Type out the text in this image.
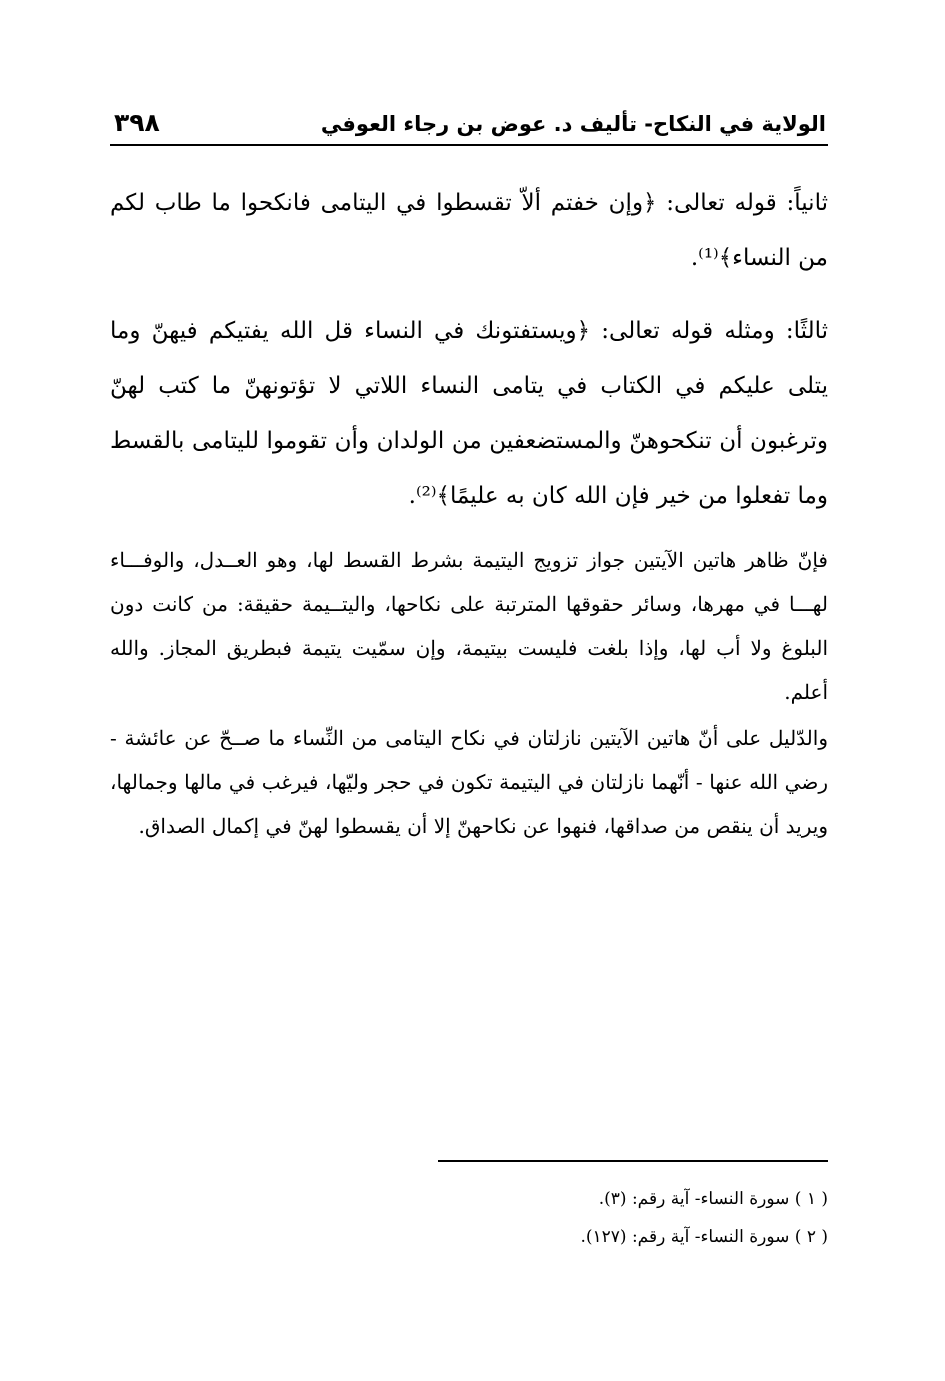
الولاية في النكاح- تأليف د. عوض بن رجاء العوفي
٣٩٨

ثانياً: قوله تعالى: ﴿وإن خفتم ألاّ تقسطوا في اليتامى فانكحوا ما طاب لكم من النساء﴾⁽¹⁾.

ثالثًا: ومثله قوله تعالى: ﴿ويستفتونك في النساء قل الله يفتيكم فيهنّ وما يتلى عليكم في الكتاب في يتامى النساء اللاتي لا تؤتونهنّ ما كتب لهنّ وترغبون أن تنكحوهنّ والمستضعفين من الولدان وأن تقوموا لليتامى بالقسط وما تفعلوا من خير فإن الله كان به عليمًا﴾⁽²⁾.

فإنّ ظاهر هاتين الآيتين جواز تزويج اليتيمة بشرط القسط لها، وهو العــدل، والوفـــاء لهـــا في مهرها، وسائر حقوقها المترتبة على نكاحها، واليتــيمة حقيقة: من كانت دون البلوغ ولا أب لها، وإذا بلغت فليست بيتيمة، وإن سمّيت يتيمة فبطريق المجاز. والله أعلم.

والدّليل على أنّ هاتين الآيتين نازلتان في نكاح اليتامى من النِّساء ما صــحّ عن عائشة - رضي الله عنها - أنّهما نازلتان في اليتيمة تكون في حجر وليّها، فيرغب في مالها وجمالها، ويريد أن ينقص من صداقها، فنهوا عن نكاحهنّ إلا أن يقسطوا لهنّ في إكمال الصداق.

( ١ ) سورة النساء- آية رقم: (٣).

( ٢ ) سورة النساء- آية رقم: (١٢٧).
